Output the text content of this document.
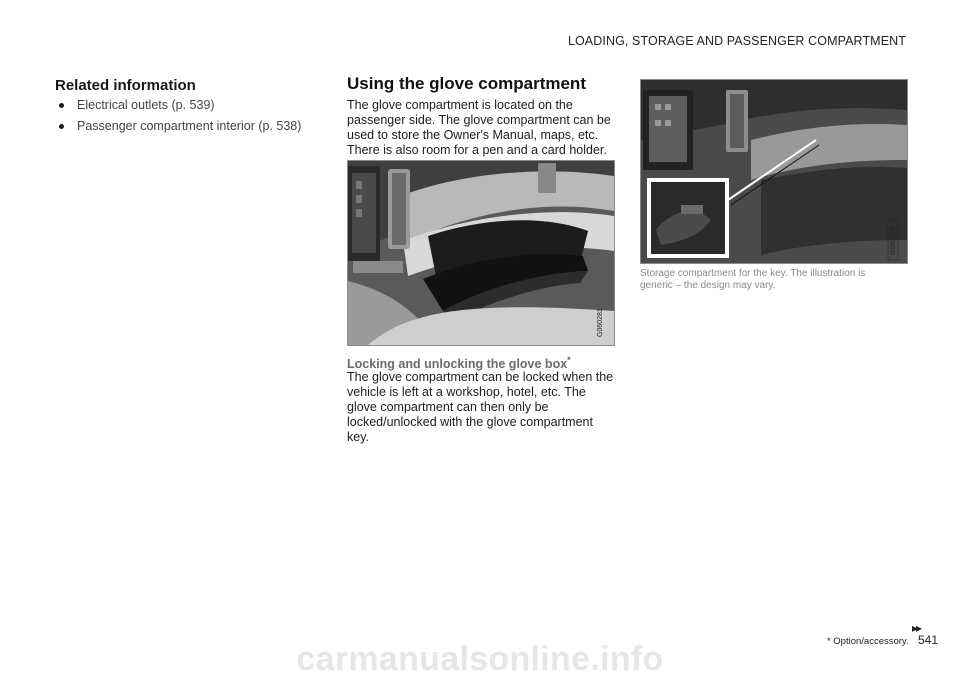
LOADING, STORAGE AND PASSENGER COMPARTMENT
Related information
Electrical outlets (p. 539)
Passenger compartment interior (p. 538)
Using the glove compartment
The glove compartment is located on the passenger side. The glove compartment can be used to store the Owner's Manual, maps, etc. There is also room for a pen and a card holder.
G060281
Locking and unlocking the glove box*
The glove compartment can be locked when the vehicle is left at a workshop, hotel, etc. The glove compartment can then only be locked/unlocked with the glove compartment key.
G060270
Storage compartment for the key. The illustration is generic – the design may vary.
▸▸
* Option/accessory. 541
carmanualsonline.info
